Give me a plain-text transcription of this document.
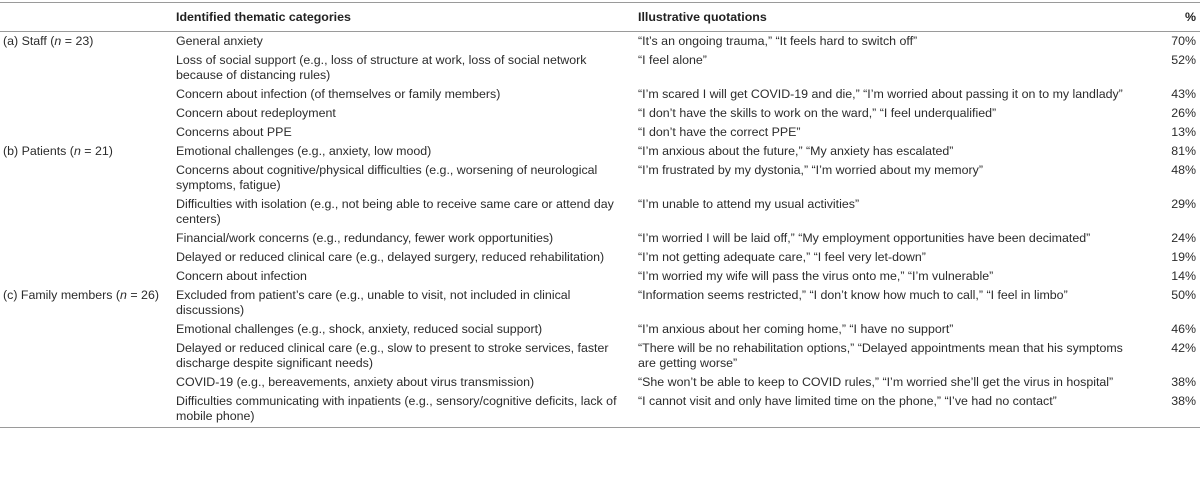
	Identified thematic categories	Illustrative quotations	%
(a) Staff (n = 23)	General anxiety	“It’s an ongoing trauma,” “It feels hard to switch off”	70%
	Loss of social support (e.g., loss of structure at work, loss of social network because of distancing rules)	“I feel alone”	52%
	Concern about infection (of themselves or family members)	“I’m scared I will get COVID-19 and die,” “I’m worried about passing it on to my landlady”	43%
	Concern about redeployment	“I don’t have the skills to work on the ward,” “I feel underqualified”	26%
	Concerns about PPE	“I don’t have the correct PPE”	13%
(b) Patients (n = 21)	Emotional challenges (e.g., anxiety, low mood)	“I’m anxious about the future,” “My anxiety has escalated”	81%
	Concerns about cognitive/physical difficulties (e.g., worsening of neurological symptoms, fatigue)	“I’m frustrated by my dystonia,” “I’m worried about my memory”	48%
	Difficulties with isolation (e.g., not being able to receive same care or attend day centers)	“I’m unable to attend my usual activities”	29%
	Financial/work concerns (e.g., redundancy, fewer work opportunities)	“I’m worried I will be laid off,” “My employment opportunities have been decimated”	24%
	Delayed or reduced clinical care (e.g., delayed surgery, reduced rehabilitation)	“I’m not getting adequate care,” “I feel very let-down”	19%
	Concern about infection	“I’m worried my wife will pass the virus onto me,” “I’m vulnerable”	14%
(c) Family members (n = 26)	Excluded from patient’s care (e.g., unable to visit, not included in clinical discussions)	“Information seems restricted,” “I don’t know how much to call,” “I feel in limbo”	50%
	Emotional challenges (e.g., shock, anxiety, reduced social support)	“I’m anxious about her coming home,” “I have no support”	46%
	Delayed or reduced clinical care (e.g., slow to present to stroke services, faster discharge despite significant needs)	“There will be no rehabilitation options,” “Delayed appointments mean that his symptoms are getting worse”	42%
	COVID-19 (e.g., bereavements, anxiety about virus transmission)	“She won’t be able to keep to COVID rules,” “I’m worried she’ll get the virus in hospital”	38%
	Difficulties communicating with inpatients (e.g., sensory/cognitive deficits, lack of mobile phone)	“I cannot visit and only have limited time on the phone,” “I’ve had no contact”	38%
